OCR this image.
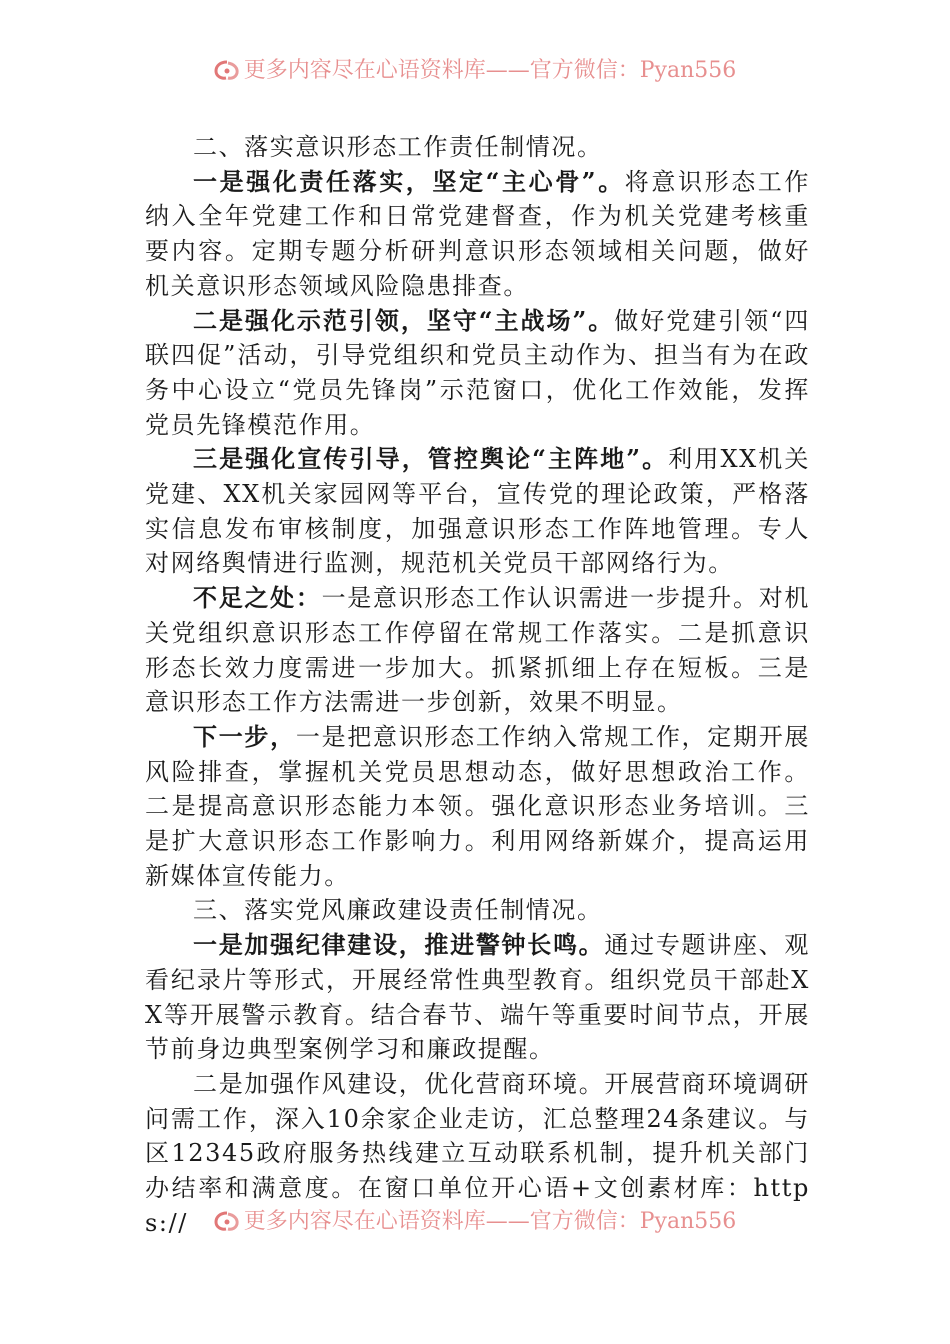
更多内容尽在心语资料库——官方微信：Pyan556

二、落实意识形态工作责任制情况。

一是强化责任落实，坚定“主心骨”。将意识形态工作纳入全年党建工作和日常党建督查，作为机关党建考核重要内容。定期专题分析研判意识形态领域相关问题，做好机关意识形态领域风险隐患排查。

二是强化示范引领，坚守“主战场”。做好党建引领“四联四促”活动，引导党组织和党员主动作为、担当有为在政务中心设立“党员先锋岗”示范窗口，优化工作效能，发挥党员先锋模范作用。

三是强化宣传引导，管控舆论“主阵地”。利用XX机关党建、XX机关家园网等平台，宣传党的理论政策，严格落实信息发布审核制度，加强意识形态工作阵地管理。专人对网络舆情进行监测，规范机关党员干部网络行为。

不足之处：一是意识形态工作认识需进一步提升。对机关党组织意识形态工作停留在常规工作落实。二是抓意识形态长效力度需进一步加大。抓紧抓细上存在短板。三是意识形态工作方法需进一步创新，效果不明显。

下一步，一是把意识形态工作纳入常规工作，定期开展风险排查，掌握机关党员思想动态，做好思想政治工作。二是提高意识形态能力本领。强化意识形态业务培训。三是扩大意识形态工作影响力。利用网络新媒介，提高运用新媒体宣传能力。

三、落实党风廉政建设责任制情况。

一是加强纪律建设，推进警钟长鸣。通过专题讲座、观看纪录片等形式，开展经常性典型教育。组织党员干部赴XX等开展警示教育。结合春节、端午等重要时间节点，开展节前身边典型案例学习和廉政提醒。

二是加强作风建设，优化营商环境。开展营商环境调研问需工作，深入10余家企业走访，汇总整理24条建议。与区12345政府服务热线建立互动联系机制，提升机关部门办结率和满意度。在窗口单位开心语+文创素材库：https://	更多内容尽在心语资料库——官方微信：Pyan556
